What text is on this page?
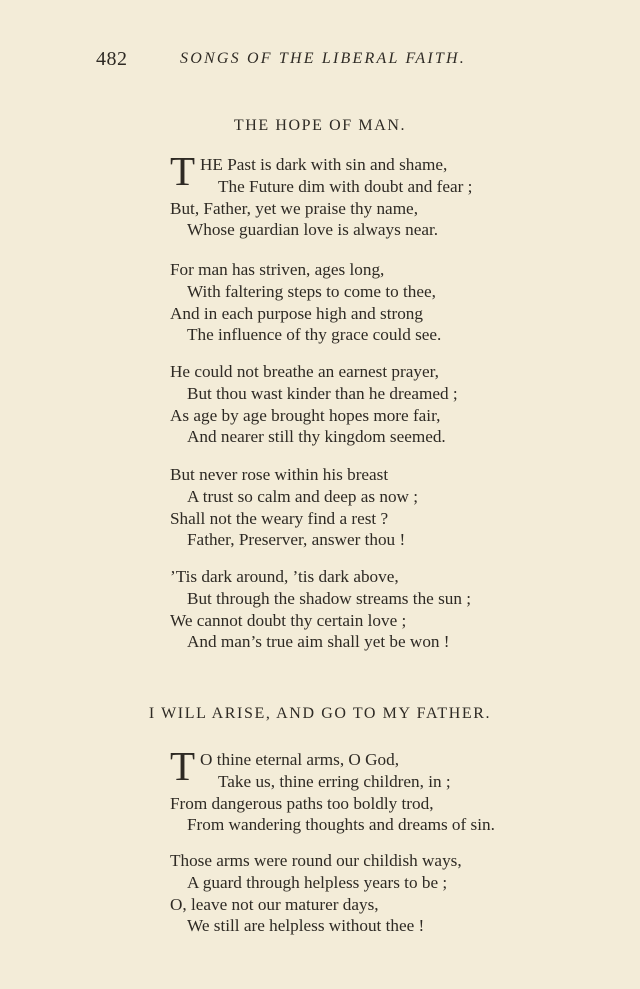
482	SONGS OF THE LIBERAL FAITH.
THE HOPE OF MAN.
T HE Past is dark with sin and shame,
The Future dim with doubt and fear ;
But, Father, yet we praise thy name,
Whose guardian love is always near.
For man has striven, ages long,
With faltering steps to come to thee,
And in each purpose high and strong
The influence of thy grace could see.
He could not breathe an earnest prayer,
But thou wast kinder than he dreamed ;
As age by age brought hopes more fair,
And nearer still thy kingdom seemed.
But never rose within his breast
A trust so calm and deep as now ;
Shall not the weary find a rest ?
Father, Preserver, answer thou !
’Tis dark around, ’tis dark above,
But through the shadow streams the sun ;
We cannot doubt thy certain love ;
And man’s true aim shall yet be won !
I WILL ARISE, AND GO TO MY FATHER.
T O thine eternal arms, O God,
Take us, thine erring children, in ;
From dangerous paths too boldly trod,
From wandering thoughts and dreams of sin.
Those arms were round our childish ways,
A guard through helpless years to be ;
O, leave not our maturer days,
We still are helpless without thee !
